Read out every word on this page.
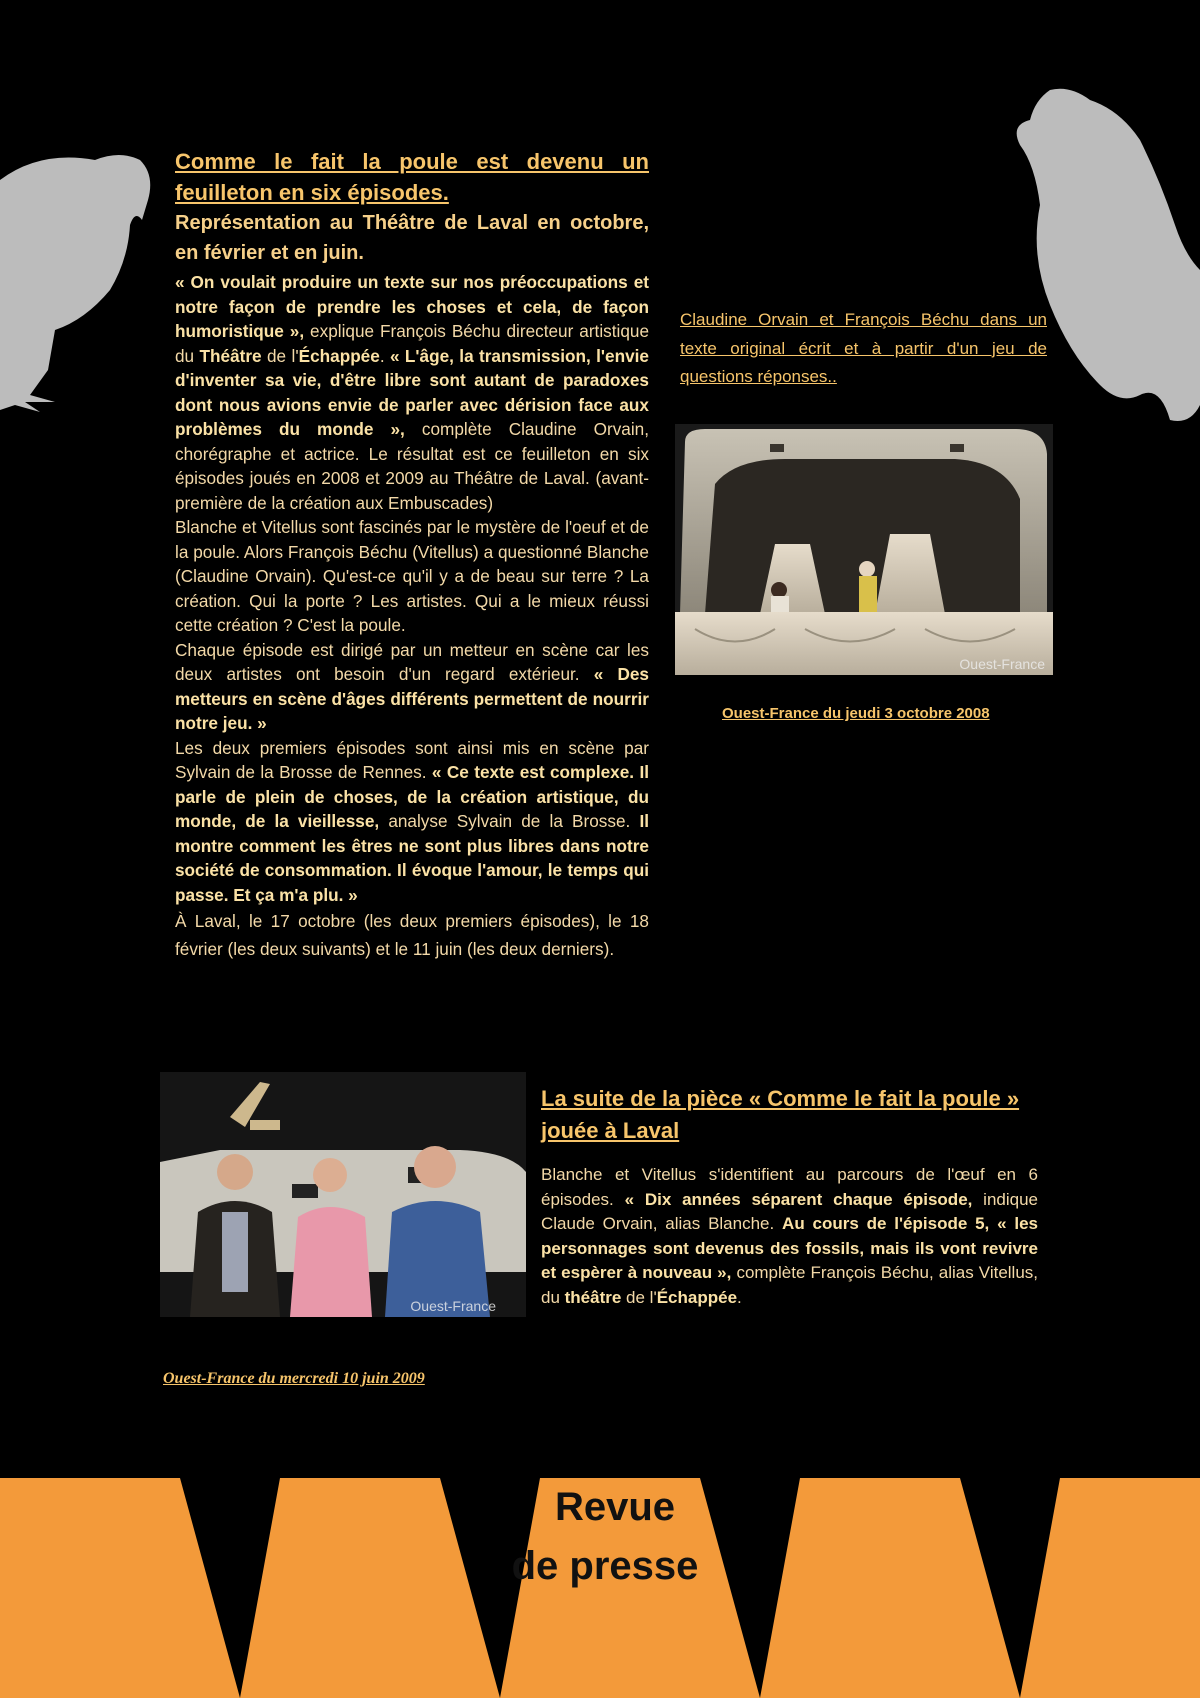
Comme le fait la poule est devenu un feuilleton en six épisodes.
Représentation au Théâtre de Laval en octobre, en février et en juin.

« On voulait produire un texte sur nos préoccupations et notre façon de prendre les choses et cela, de façon humoristique », explique François Béchu directeur artistique du Théâtre de l'Échappée. « L'âge, la transmission, l'envie d'inventer sa vie, d'être libre sont autant de paradoxes dont nous avions envie de parler avec dérision face aux problèmes du monde », complète Claudine Orvain, chorégraphe et actrice. Le résultat est ce feuilleton en six épisodes joués en 2008 et 2009 au Théâtre de Laval. (avant-première de la création aux Embuscades)

Blanche et Vitellus sont fascinés par le mystère de l'oeuf et de la poule. Alors François Béchu (Vitellus) a questionné Blanche (Claudine Orvain). Qu'est-ce qu'il y a de beau sur terre ? La création. Qui la porte ? Les artistes. Qui a le mieux réussi cette création ? C'est la poule.

Chaque épisode est dirigé par un metteur en scène car les deux artistes ont besoin d'un regard extérieur. « Des metteurs en scène d'âges différents permettent de nourrir notre jeu. »

Les deux premiers épisodes sont ainsi mis en scène par Sylvain de la Brosse de Rennes. « Ce texte est complexe. Il parle de plein de choses, de la création artistique, du monde, de la vieillesse, analyse Sylvain de la Brosse. Il montre comment les êtres ne sont plus libres dans notre société de consommation. Il évoque l'amour, le temps qui passe. Et ça m'a plu. »

À Laval, le 17 octobre (les deux premiers épisodes), le 18 février (les deux suivants) et le 11 juin (les deux derniers).

Claudine Orvain et François Béchu dans un texte original écrit et à partir d'un jeu de questions réponses..
Ouest-France
Ouest-France du jeudi 3 octobre 2008
Ouest-France
La suite de la pièce « Comme le fait la poule » jouée à Laval

Blanche et Vitellus s'identifient au parcours de l'œuf en 6 épisodes. « Dix années séparent chaque épisode, indique Claude Orvain, alias Blanche. Au cours de l'épisode 5, « les personnages sont devenus des fossils, mais ils vont revivre et espèrer à nouveau », complète François Béchu, alias Vitellus, du théâtre de l'Échappée.

Ouest-France du mercredi 10 juin 2009
Revue
de presse
